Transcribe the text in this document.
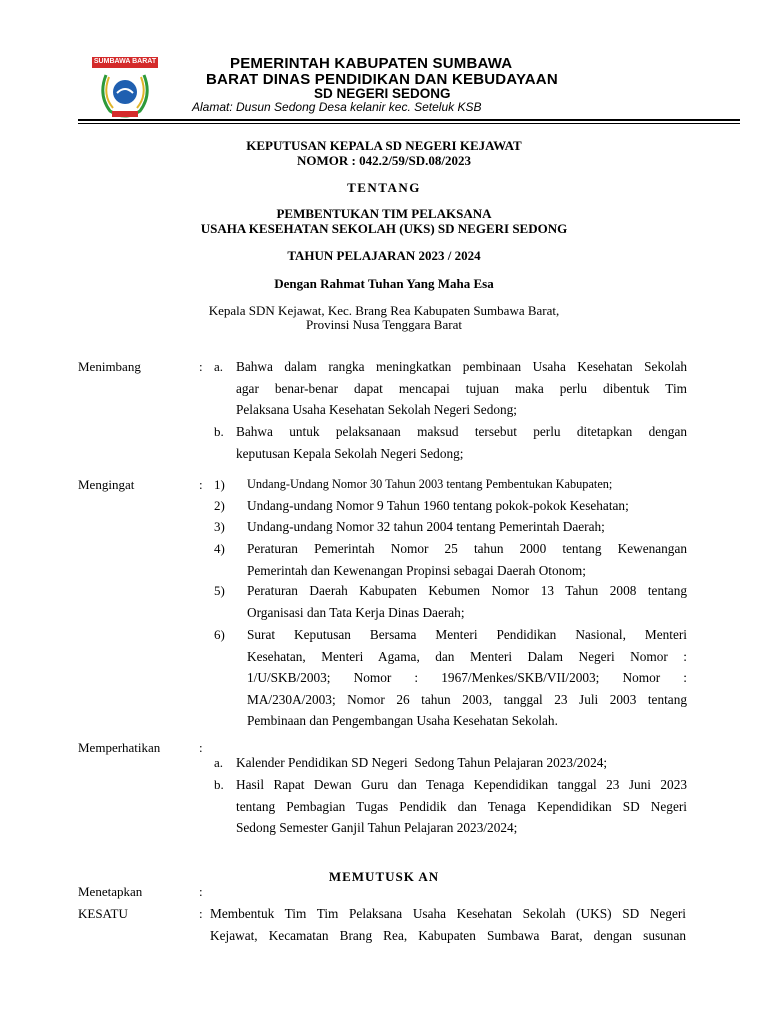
SUMBAWA BARAT	PEMERINTAH KABUPATEN SUMBAWA
BARAT DINAS PENDIDIKAN DAN KEBUDAYAAN
SD NEGERI SEDONG
Alamat: Dusun Sedong Desa kelanir kec. Seteluk KSB
KEPUTUSAN KEPALA SD NEGERI KEJAWAT
NOMOR : 042.2/59/SD.08/2023
TENTANG
PEMBENTUKAN TIM PELAKSANA
USAHA KESEHATAN SEKOLAH (UKS) SD NEGERI SEDONG
TAHUN PELAJARAN 2023 / 2024
Dengan Rahmat Tuhan Yang Maha Esa
Kepala SDN Kejawat, Kec. Brang Rea Kabupaten Sumbawa Barat,
Provinsi Nusa Tenggara Barat
Menimbang	: a. Bahwa dalam rangka meningkatkan pembinaan Usaha Kesehatan Sekolah
agar benar-benar dapat mencapai tujuan maka perlu dibentuk Tim
Pelaksana Usaha Kesehatan Sekolah Negeri Sedong;
b. Bahwa untuk pelaksanaan maksud tersebut perlu ditetapkan dengan
keputusan Kepala Sekolah Negeri Sedong;
Mengingat	: 1) Undang-Undang Nomor 30 Tahun 2003 tentang Pembentukan Kabupaten;
2) Undang-undang Nomor 9 Tahun 1960 tentang pokok-pokok Kesehatan;
3) Undang-undang Nomor 32 tahun 2004 tentang Pemerintah Daerah;
4) Peraturan Pemerintah Nomor 25 tahun 2000 tentang Kewenangan
Pemerintah dan Kewenangan Propinsi sebagai Daerah Otonom;
5) Peraturan Daerah Kabupaten Kebumen Nomor 13 Tahun 2008 tentang
Organisasi dan Tata Kerja Dinas Daerah;
6) Surat Keputusan Bersama Menteri Pendidikan Nasional, Menteri
Kesehatan, Menteri Agama, dan Menteri Dalam Negeri Nomor :
1/U/SKB/2003;  Nomor  :  1967/Menkes/SKB/VII/2003;  Nomor  :
MA/230A/2003; Nomor 26 tahun 2003, tanggal 23 Juli 2003 tentang
Pembinaan dan Pengembangan Usaha Kesehatan Sekolah.
Memperhatikan	:
a. Kalender Pendidikan SD Negeri  Sedong Tahun Pelajaran 2023/2024;
b. Hasil Rapat Dewan Guru dan Tenaga Kependidikan tanggal 23 Juni 2023
tentang Pembagian Tugas Pendidik dan Tenaga Kependidikan SD Negeri
Sedong Semester Ganjil Tahun Pelajaran 2023/2024;
MEMUTUSK AN
Menetapkan	:
KESATU	: Membentuk Tim Tim Pelaksana Usaha Kesehatan Sekolah (UKS) SD Negeri
Kejawat, Kecamatan Brang Rea, Kabupaten Sumbawa Barat, dengan susunan
